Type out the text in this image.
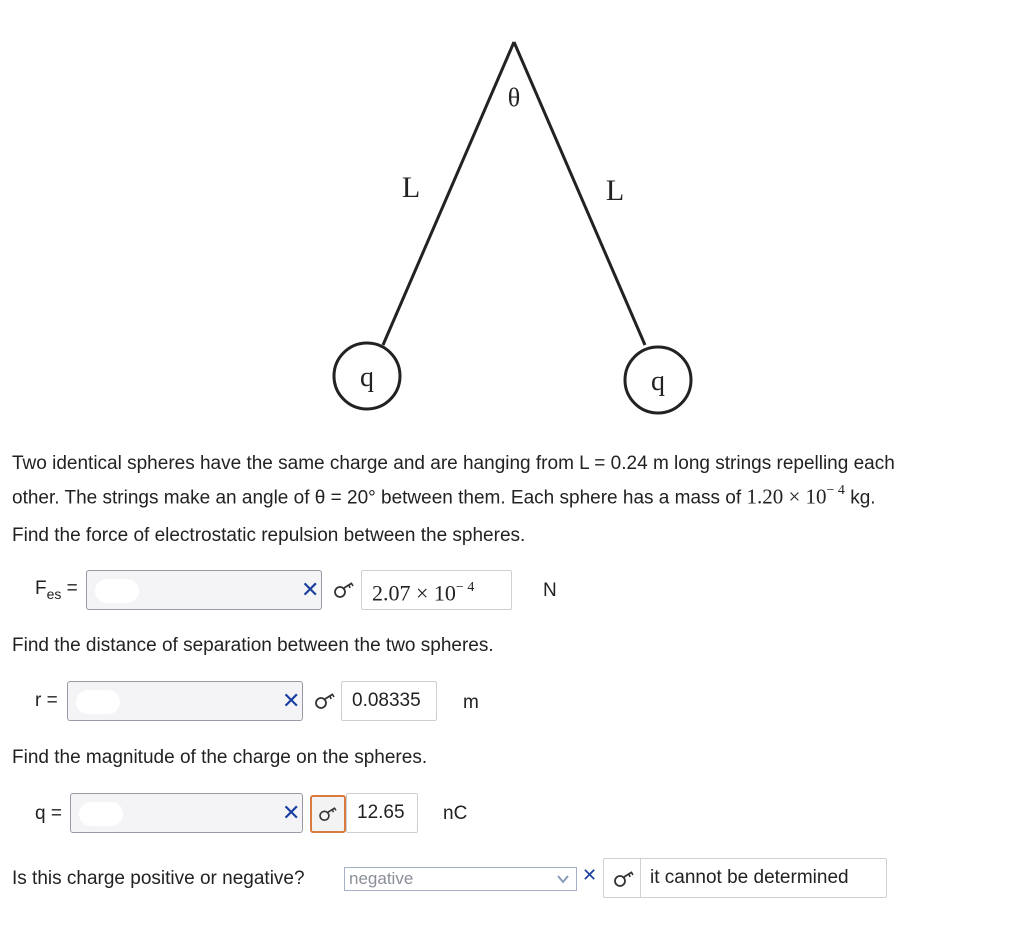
θ
L	L
q	q

Two identical spheres have the same charge and are hanging from L = 0.24 m long strings repelling each
other. The strings make an angle of θ = 20° between them. Each sphere has a mass of $1.20 \times 10^{- 4}$ kg.

Find the force of electrostatic repulsion between the spheres.

$F_{es}$ =	✕	$2.07 \times 10^{- 4}$	N

Find the distance of separation between the two spheres.

r =	✕	0.08335	m

Find the magnitude of the charge on the spheres.

q =	✕	12.65	nC
Is this charge positive or negative?	negative	✕	it cannot be determined
